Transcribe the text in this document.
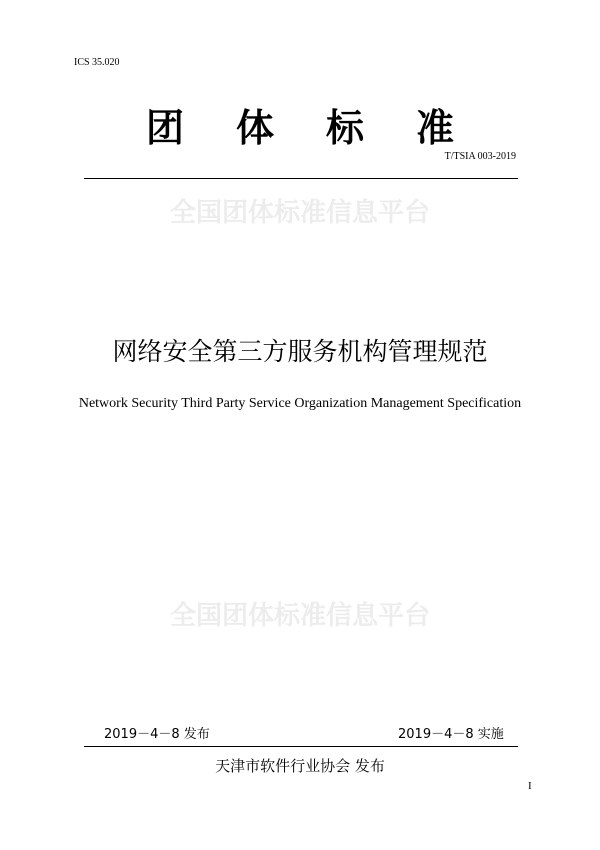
ICS 35.020
团 体 标 准
T/TSIA 003-2019
全国团体标准信息平台
网络安全第三方服务机构管理规范
Network Security Third Party Service Organization Management Specification
全国团体标准信息平台
2019－4－8 发布	2019－4－8 实施
天津市软件行业协会 发布
I
